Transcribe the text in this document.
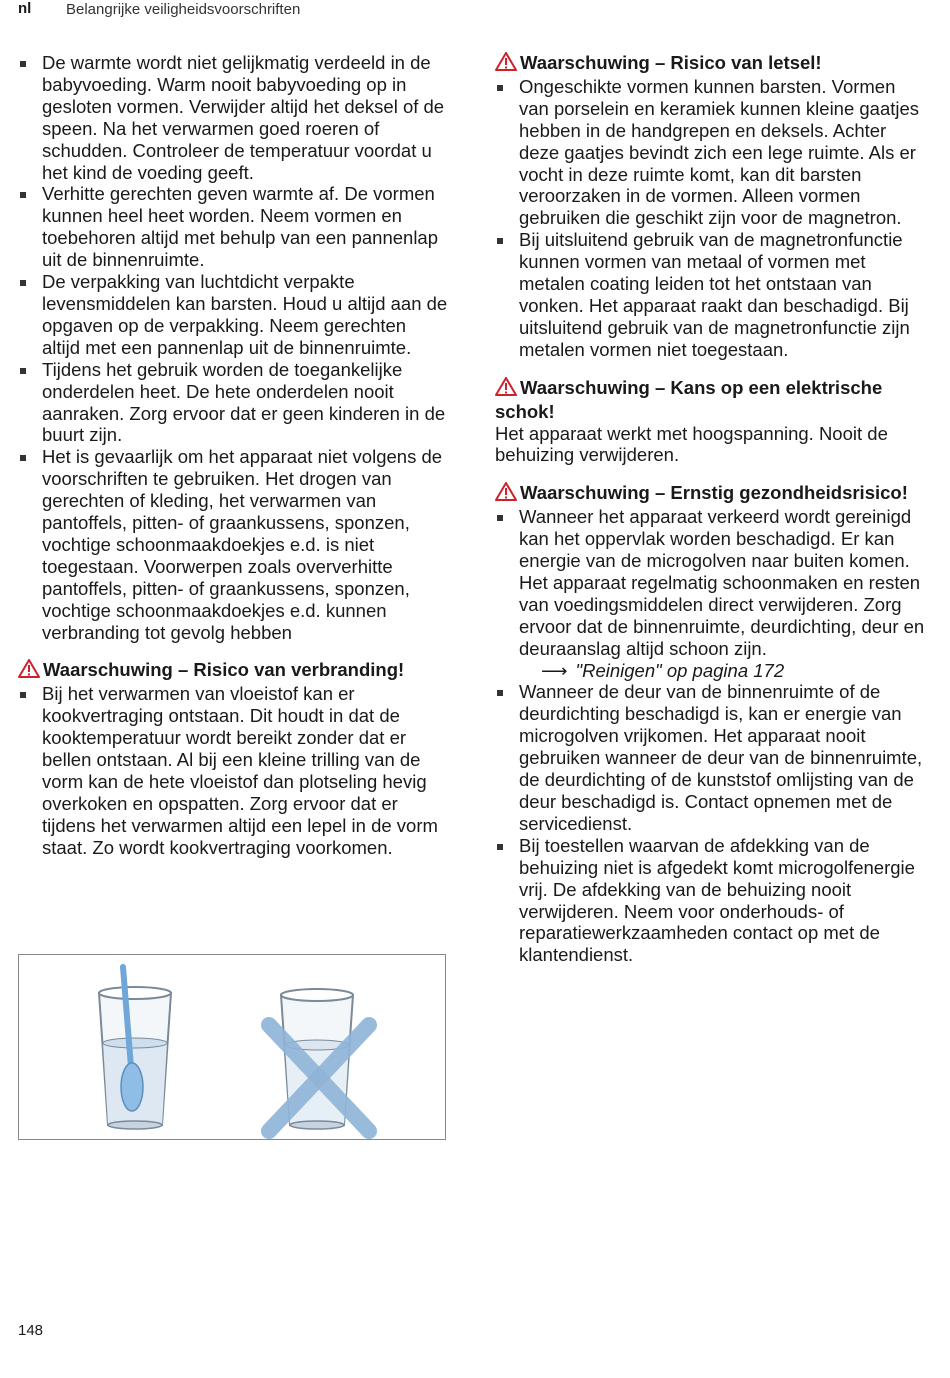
nl Belangrijke veiligheidsvoorschriften
De warmte wordt niet gelijkmatig verdeeld in de babyvoeding. Warm nooit babyvoeding op in gesloten vormen. Verwijder altijd het deksel of de speen. Na het verwarmen goed roeren of schudden. Controleer de temperatuur voordat u het kind de voeding geeft.
Verhitte gerechten geven warmte af. De vormen kunnen heel heet worden. Neem vormen en toebehoren altijd met behulp van een pannenlap uit de binnenruimte.
De verpakking van luchtdicht verpakte levensmiddelen kan barsten. Houd u altijd aan de opgaven op de verpakking. Neem gerechten altijd met een pannenlap uit de binnenruimte.
Tijdens het gebruik worden de toegankelijke onderdelen heet. De hete onderdelen nooit aanraken. Zorg ervoor dat er geen kinderen in de buurt zijn.
Het is gevaarlijk om het apparaat niet volgens de voorschriften te gebruiken. Het drogen van gerechten of kleding, het verwarmen van pantoffels, pitten- of graankussens, sponzen, vochtige schoonmaakdoekjes e.d. is niet toegestaan. Voorwerpen zoals oververhitte pantoffels, pitten- of graankussens, sponzen, vochtige schoonmaakdoekjes e.d. kunnen verbranding tot gevolg hebben

Waarschuwing – Risico van verbranding!

Bij het verwarmen van vloeistof kan er kookvertraging ontstaan. Dit houdt in dat de kooktemperatuur wordt bereikt zonder dat er bellen ontstaan. Al bij een kleine trilling van de vorm kan de hete vloeistof dan plotseling hevig overkoken en opspatten. Zorg ervoor dat er tijdens het verwarmen altijd een lepel in de vorm staat. Zo wordt kookvertraging voorkomen.

Waarschuwing – Risico van letsel!

Ongeschikte vormen kunnen barsten. Vormen van porselein en keramiek kunnen kleine gaatjes hebben in de handgrepen en deksels. Achter deze gaatjes bevindt zich een lege ruimte. Als er vocht in deze ruimte komt, kan dit barsten veroorzaken in de vormen. Alleen vormen gebruiken die geschikt zijn voor de magnetron.
Bij uitsluitend gebruik van de magnetronfunctie kunnen vormen van metaal of vormen met metalen coating leiden tot het ontstaan van vonken. Het apparaat raakt dan beschadigd. Bij uitsluitend gebruik van de magnetronfunctie zijn metalen vormen niet toegestaan.

Waarschuwing – Kans op een elektrische schok!

Het apparaat werkt met hoogspanning. Nooit de behuizing verwijderen.

Waarschuwing – Ernstig gezondheidsrisico!

Wanneer het apparaat verkeerd wordt gereinigd kan het oppervlak worden beschadigd. Er kan energie van de microgolven naar buiten komen. Het apparaat regelmatig schoonmaken en resten van voedingsmiddelen direct verwijderen. Zorg ervoor dat de binnenruimte, deurdichting, deur en deuraanslag altijd schoon zijn.
⟶ "Reinigen" op pagina 172
Wanneer de deur van de binnenruimte of de deurdichting beschadigd is, kan er energie van microgolven vrijkomen. Het apparaat nooit gebruiken wanneer de deur van de binnenruimte, de deurdichting of de kunststof omlijsting van de deur beschadigd is. Contact opnemen met de servicedienst.
Bij toestellen waarvan de afdekking van de behuizing niet is afgedekt komt microgolfenergie vrij. De afdekking van de behuizing nooit verwijderen. Neem voor onderhouds- of reparatiewerkzaamheden contact op met de klantendienst.
148
